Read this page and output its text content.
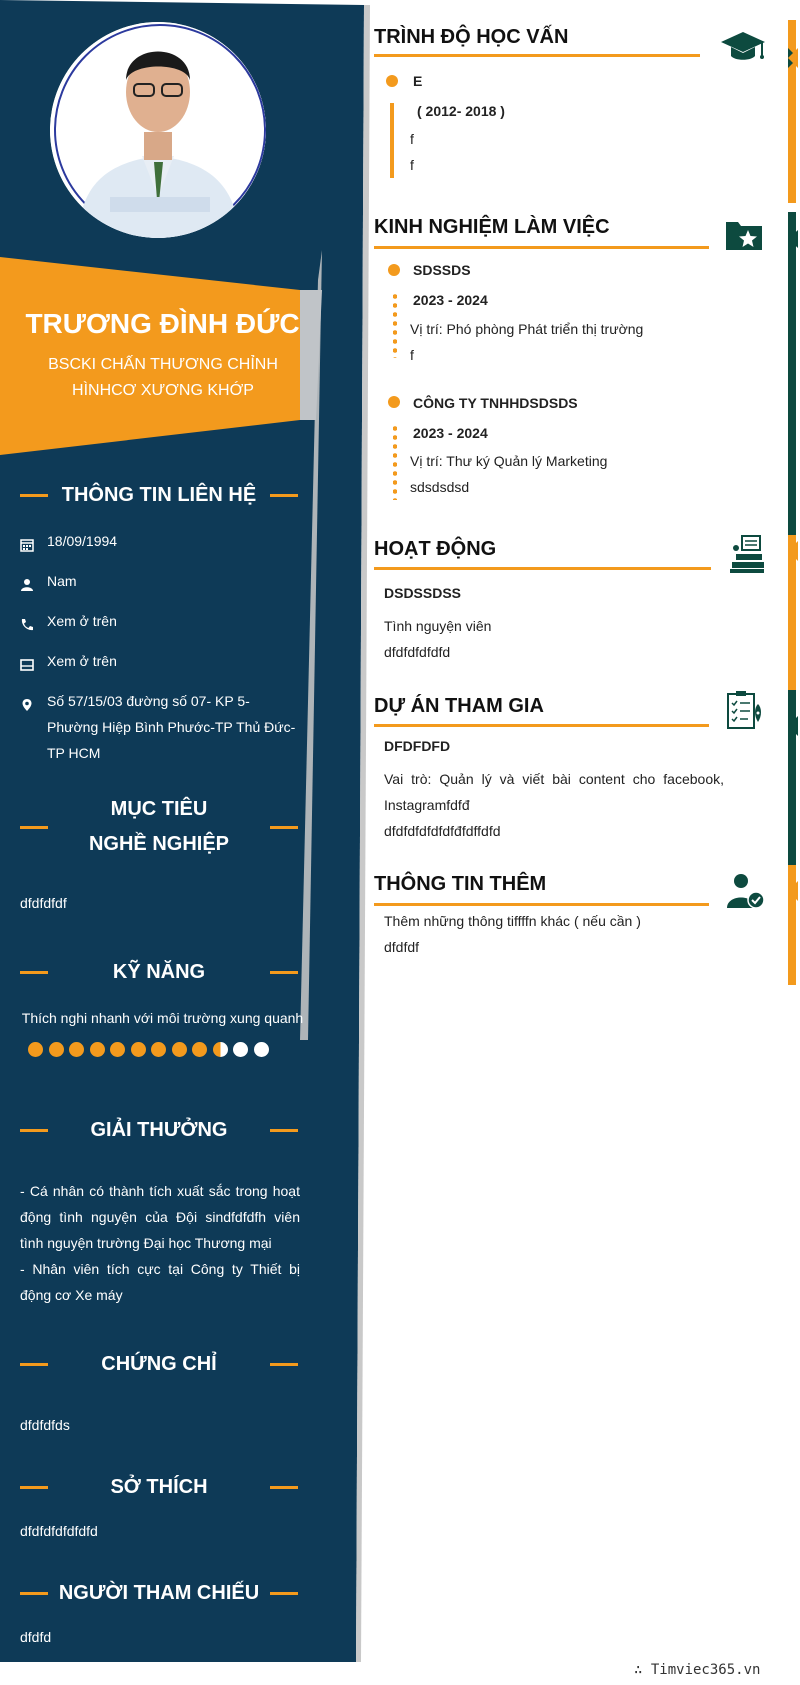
TRƯƠNG ĐÌNH ĐỨC
BSCKI CHẤN THƯƠNG CHỈNH HÌNHCƠ XƯƠNG KHỚP
THÔNG TIN LIÊN HỆ
18/09/1994
Nam
Xem ở trên
Xem ở trên
Số 57/15/03 đường số 07- KP 5- Phường Hiệp Bình Phước-TP Thủ Đức-TP HCM
MỤC TIÊU NGHỀ NGHIỆP
dfdfdfdf
KỸ NĂNG
Thích nghi nhanh với môi trường xung quanh
GIẢI THƯỞNG
- Cá nhân có thành tích xuất sắc trong hoạt động tình nguyện của Đội sindfdfdfh viên tình nguyện trường Đại học Thương mại
- Nhân viên tích cực tại Công ty Thiết bị động cơ Xe máy
CHỨNG CHỈ
dfdfdfds
SỞ THÍCH
dfdfdfdfdfdfd
NGƯỜI THAM CHIẾU
dfdfd
TRÌNH ĐỘ HỌC VẤN
E
( 2012- 2018 )
f
f
KINH NGHIỆM LÀM VIỆC
SDSSDS
2023 - 2024
Vị trí: Phó phòng Phát triển thị trường
f
CÔNG TY TNHHDSDSDS
2023 - 2024
Vị trí: Thư ký Quản lý Marketing
sdsdsdsd
HOẠT ĐỘNG
DSDSSDSS
Tình nguyện viên
dfdfdfdfdfd
DỰ ÁN THAM GIA
DFDFDFD
Vai trò: Quản lý và viết bài content cho facebook, Instagramfdfđ
dfdfdfdfdfdfđfdffdfd
THÔNG TIN THÊM
Thêm những thông tiffffn khác ( nếu cần )
dfdfdf
∴ Timviec365.vn
